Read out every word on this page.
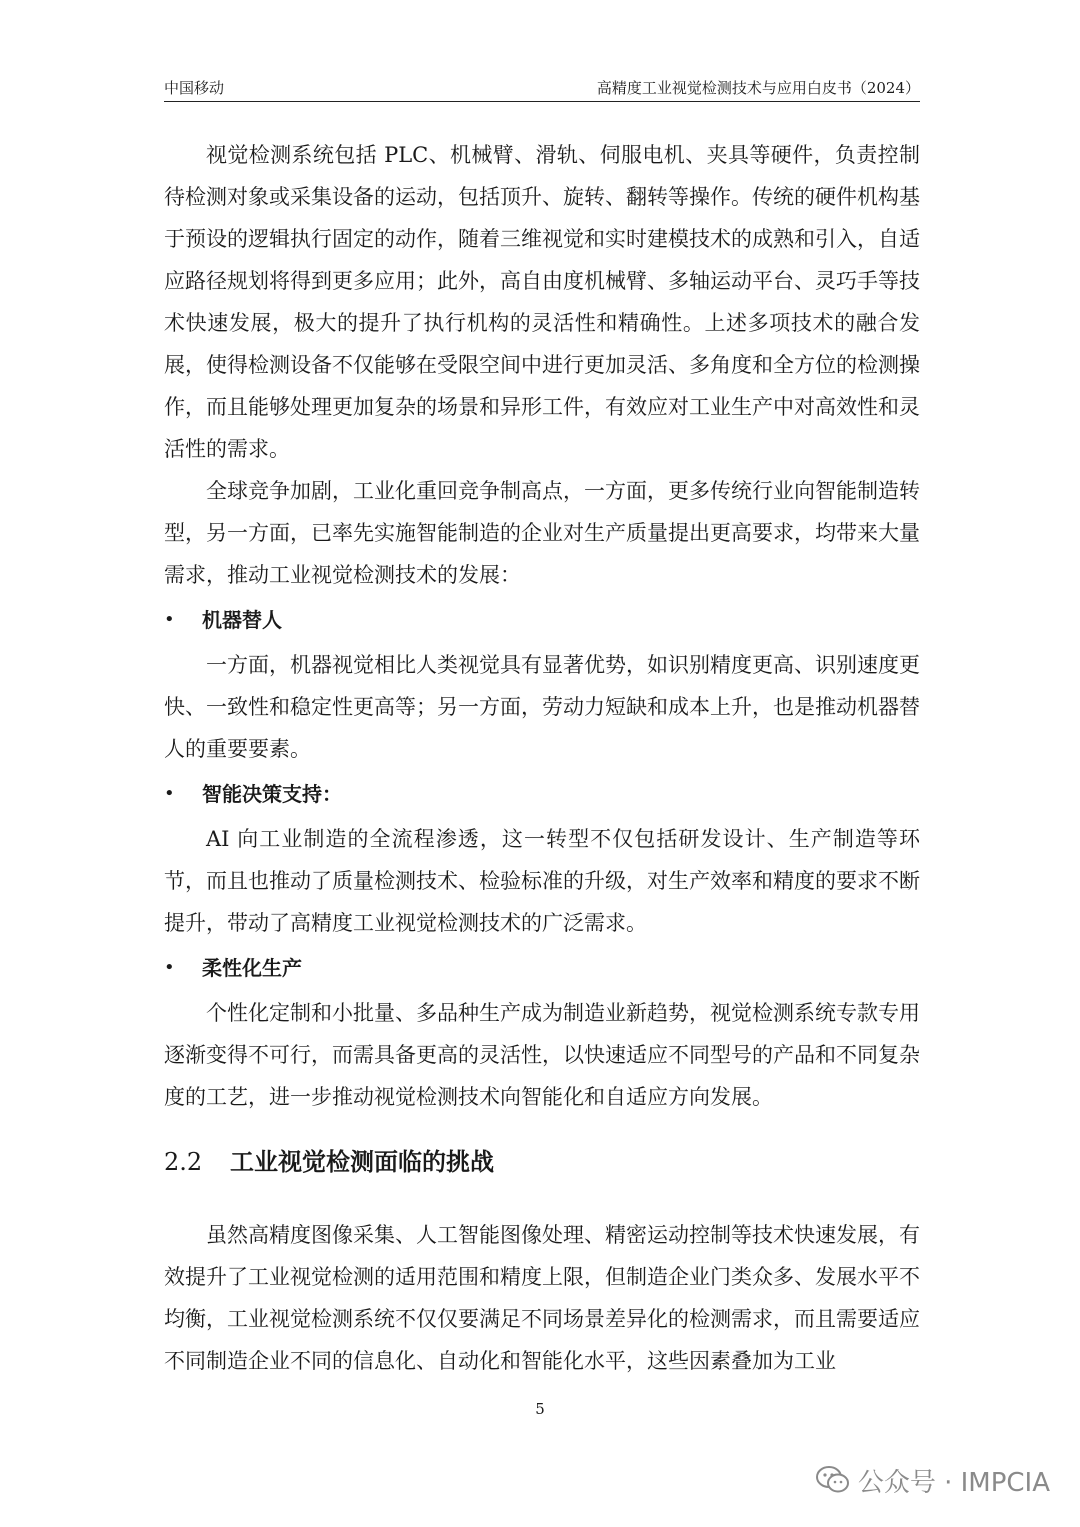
中国移动	高精度工业视觉检测技术与应用白皮书（2024）

视觉检测系统包括 PLC、机械臂、滑轨、伺服电机、夹具等硬件，负责控制待检测对象或采集设备的运动，包括顶升、旋转、翻转等操作。传统的硬件机构基于预设的逻辑执行固定的动作，随着三维视觉和实时建模技术的成熟和引入，自适应路径规划将得到更多应用；此外，高自由度机械臂、多轴运动平台、灵巧手等技术快速发展，极大的提升了执行机构的灵活性和精确性。上述多项技术的融合发展，使得检测设备不仅能够在受限空间中进行更加灵活、多角度和全方位的检测操作，而且能够处理更加复杂的场景和异形工件，有效应对工业生产中对高效性和灵活性的需求。

全球竞争加剧，工业化重回竞争制高点，一方面，更多传统行业向智能制造转型，另一方面，已率先实施智能制造的企业对生产质量提出更高要求，均带来大量需求，推动工业视觉检测技术的发展：

•	机器替人

一方面，机器视觉相比人类视觉具有显著优势，如识别精度更高、识别速度更快、一致性和稳定性更高等；另一方面，劳动力短缺和成本上升，也是推动机器替人的重要要素。

•	智能决策支持：

AI 向工业制造的全流程渗透，这一转型不仅包括研发设计、生产制造等环节，而且也推动了质量检测技术、检验标准的升级，对生产效率和精度的要求不断提升，带动了高精度工业视觉检测技术的广泛需求。

•	柔性化生产

个性化定制和小批量、多品种生产成为制造业新趋势，视觉检测系统专款专用逐渐变得不可行，而需具备更高的灵活性，以快速适应不同型号的产品和不同复杂度的工艺，进一步推动视觉检测技术向智能化和自适应方向发展。

2.2 工业视觉检测面临的挑战

虽然高精度图像采集、人工智能图像处理、精密运动控制等技术快速发展，有效提升了工业视觉检测的适用范围和精度上限，但制造企业门类众多、发展水平不均衡，工业视觉检测系统不仅仅要满足不同场景差异化的检测需求，而且需要适应不同制造企业不同的信息化、自动化和智能化水平，这些因素叠加为工业

5
公众号 · IMPCIA
